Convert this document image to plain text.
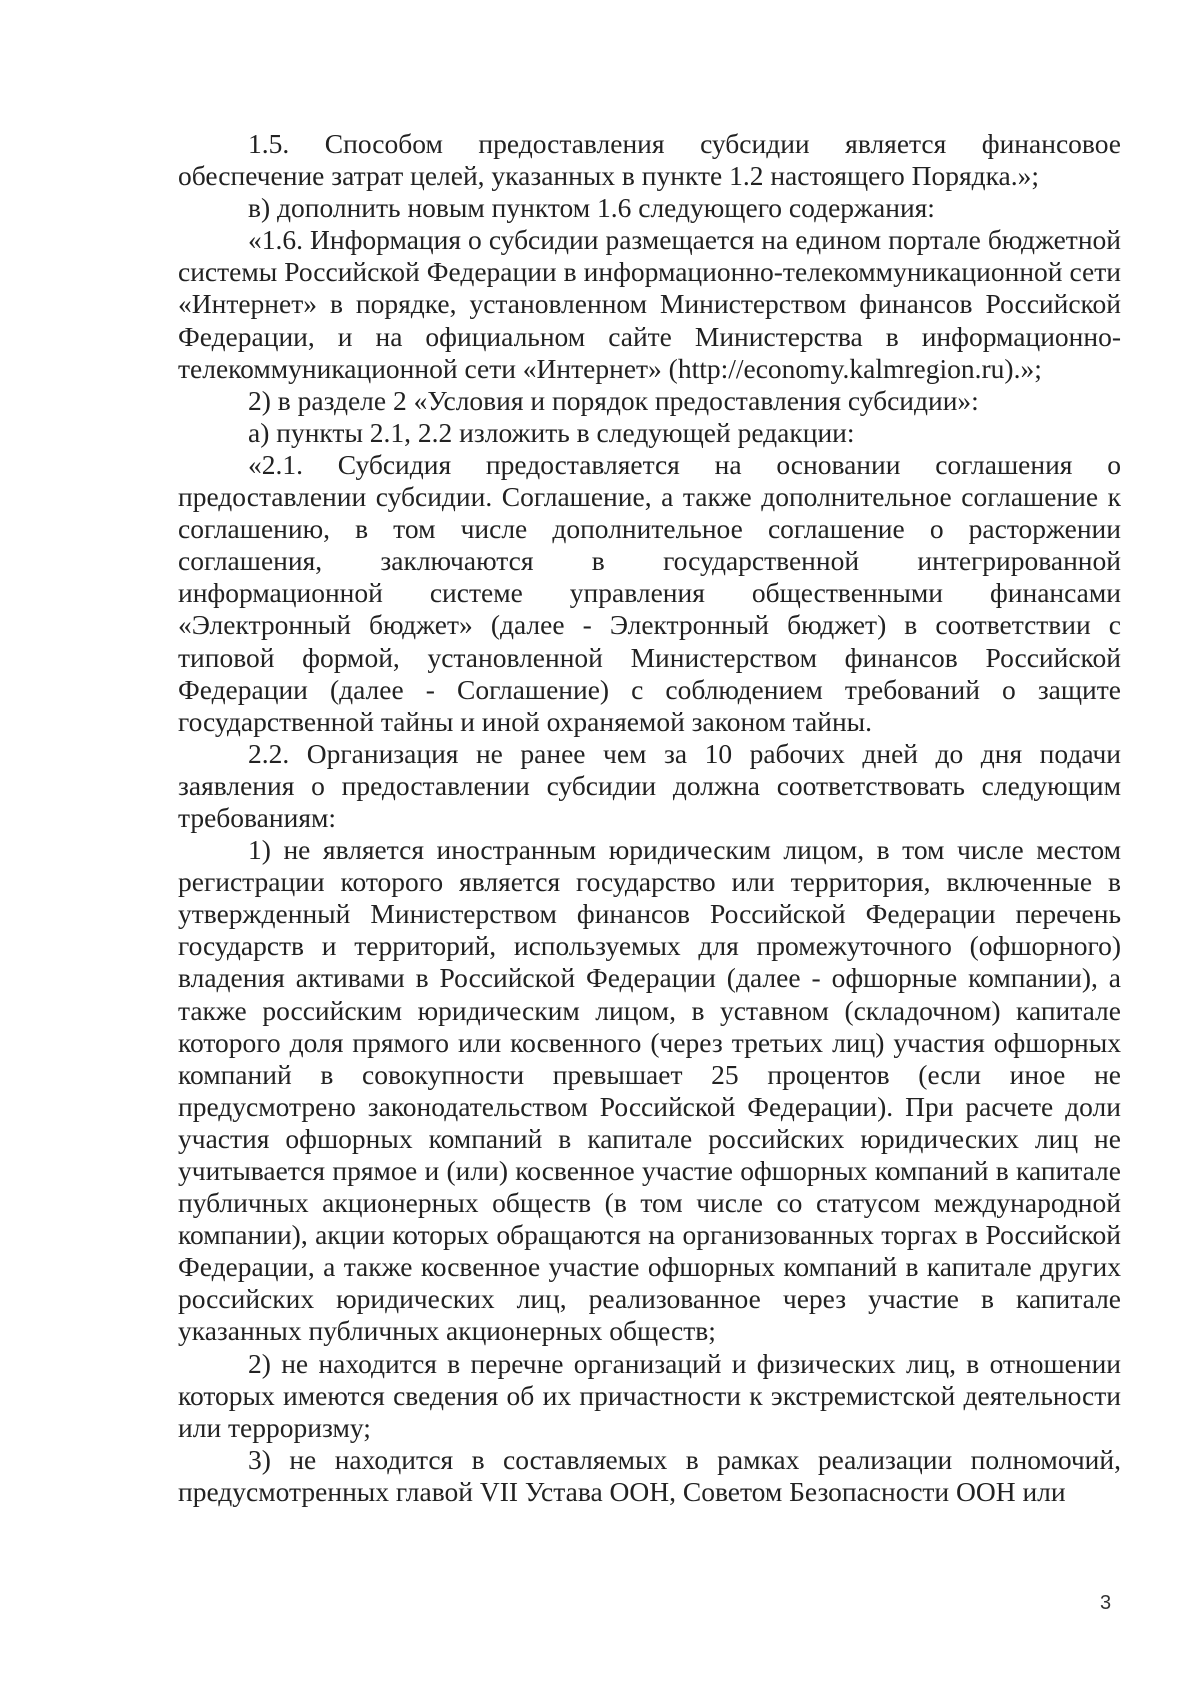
1.5. Способом предоставления субсидии является финансовое обеспечение затрат целей, указанных в пункте 1.2 настоящего Порядка.»;

в) дополнить новым пунктом 1.6 следующего содержания:

«1.6. Информация о субсидии размещается на едином портале бюджетной системы Российской Федерации в информационно-телекоммуникационной сети «Интернет» в порядке, установленном Министерством финансов Российской Федерации, и на официальном сайте Министерства в информационно-телекоммуникационной сети «Интернет» (http://economy.kalmregion.ru).»;

2) в разделе 2 «Условия и порядок предоставления субсидии»:

а) пункты 2.1, 2.2 изложить в следующей редакции:

«2.1. Субсидия предоставляется на основании соглашения о предоставлении субсидии. Соглашение, а также дополнительное соглашение к соглашению, в том числе дополнительное соглашение о расторжении соглашения, заключаются в государственной интегрированной информационной системе управления общественными финансами «Электронный бюджет» (далее - Электронный бюджет) в соответствии с типовой формой, установленной Министерством финансов Российской Федерации (далее - Соглашение) с соблюдением требований о защите государственной тайны и иной охраняемой законом тайны.

2.2. Организация не ранее чем за 10 рабочих дней до дня подачи заявления о предоставлении субсидии должна соответствовать следующим требованиям:

1) не является иностранным юридическим лицом, в том числе местом регистрации которого является государство или территория, включенные в утвержденный Министерством финансов Российской Федерации перечень государств и территорий, используемых для промежуточного (офшорного) владения активами в Российской Федерации (далее - офшорные компании), а также российским юридическим лицом, в уставном (складочном) капитале которого доля прямого или косвенного (через третьих лиц) участия офшорных компаний в совокупности превышает 25 процентов (если иное не предусмотрено законодательством Российской Федерации). При расчете доли участия офшорных компаний в капитале российских юридических лиц не учитывается прямое и (или) косвенное участие офшорных компаний в капитале публичных акционерных обществ (в том числе со статусом международной компании), акции которых обращаются на организованных торгах в Российской Федерации, а также косвенное участие офшорных компаний в капитале других российских юридических лиц, реализованное через участие в капитале указанных публичных акционерных обществ;

2) не находится в перечне организаций и физических лиц, в отношении которых имеются сведения об их причастности к экстремистской деятельности или терроризму;

3) не находится в составляемых в рамках реализации полномочий, предусмотренных главой VII Устава ООН, Советом Безопасности ООН или

3
